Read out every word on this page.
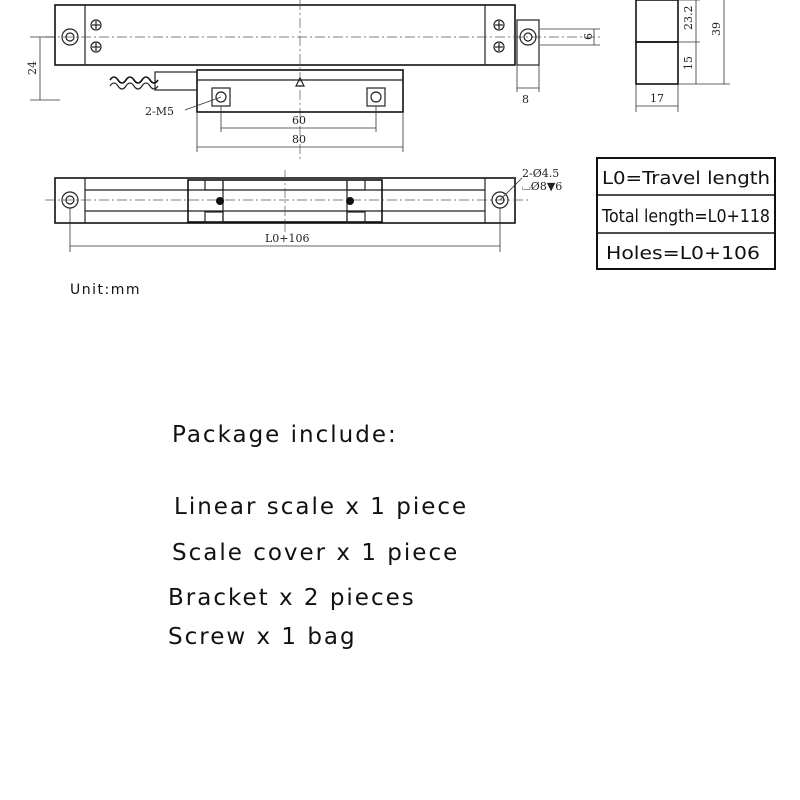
24
9
8
2-M5
60
80
23.2 39
15
17
2-Ø4.5
⌴Ø8▼6
L0+106
L0=Travel length
Total length=L0+118
Holes=L0+106
Unit:mm
Package include:
Linear scale x 1 piece
Scale cover x 1 piece
Bracket x 2 pieces
Screw x 1 bag
